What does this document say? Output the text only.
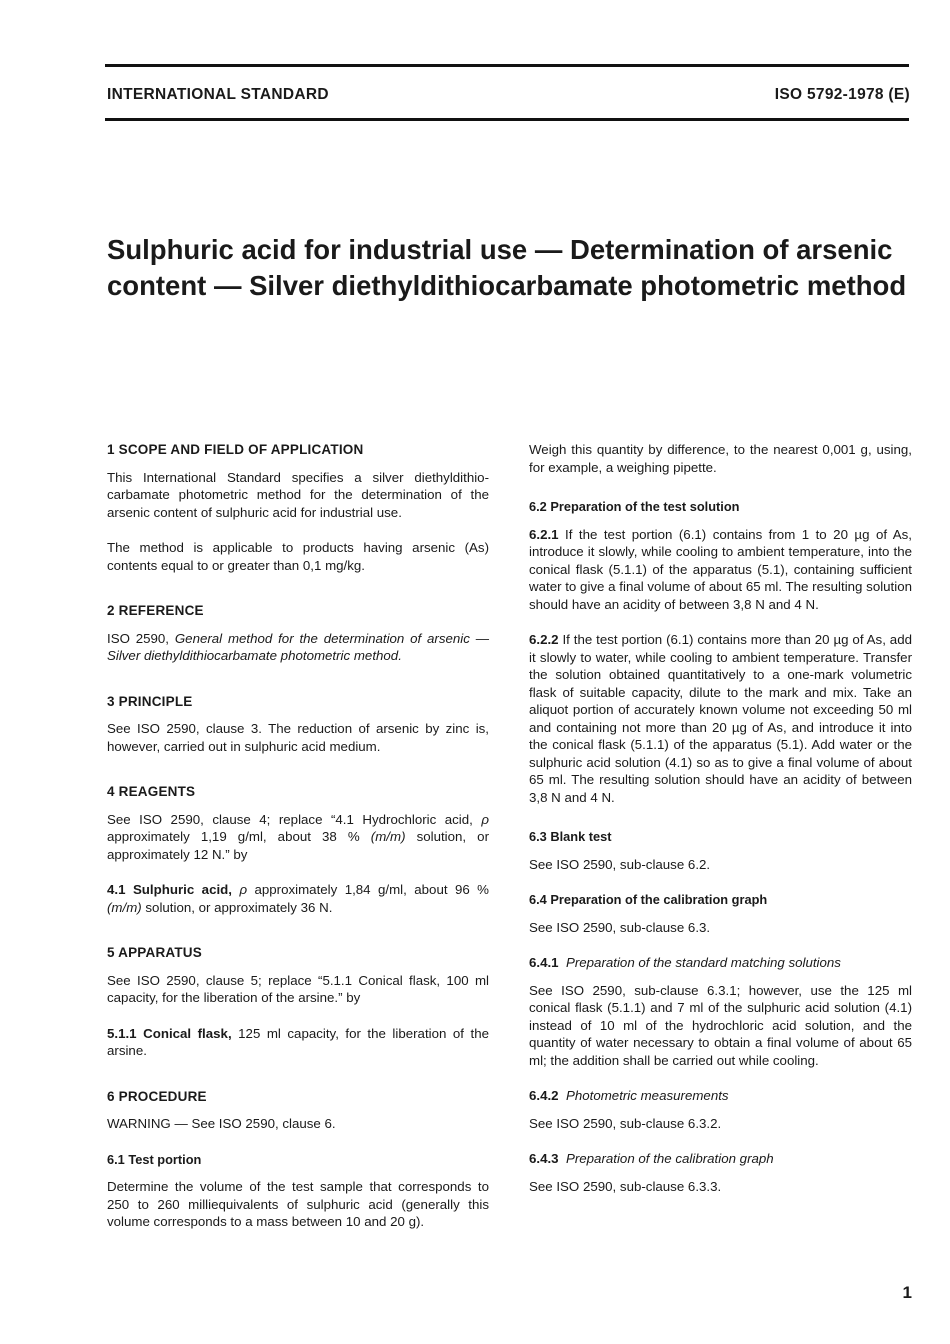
INTERNATIONAL STANDARD	ISO 5792-1978 (E)
Sulphuric acid for industrial use — Determination of arsenic
content — Silver diethyldithiocarbamate photometric method
1 SCOPE AND FIELD OF APPLICATION

This International Standard specifies a silver diethyldithio-carbamate photometric method for the determination of the arsenic content of sulphuric acid for industrial use.

The method is applicable to products having arsenic (As) contents equal to or greater than 0,1 mg/kg.

2 REFERENCE

ISO 2590, General method for the determination of arsenic — Silver diethyldithiocarbamate photometric method.

3 PRINCIPLE

See ISO 2590, clause 3. The reduction of arsenic by zinc is, however, carried out in sulphuric acid medium.

4 REAGENTS

See ISO 2590, clause 4; replace “4.1 Hydrochloric acid, ρ approximately 1,19 g/ml, about 38 % (m/m) solution, or approximately 12 N.” by

4.1 Sulphuric acid, ρ approximately 1,84 g/ml, about 96 % (m/m) solution, or approximately 36 N.

5 APPARATUS

See ISO 2590, clause 5; replace “5.1.1 Conical flask, 100 ml capacity, for the liberation of the arsine.” by

5.1.1 Conical flask, 125 ml capacity, for the liberation of the arsine.

6 PROCEDURE

WARNING — See ISO 2590, clause 6.

6.1 Test portion

Determine the volume of the test sample that corresponds to 250 to 260 milliequivalents of sulphuric acid (generally this volume corresponds to a mass between 10 and 20 g).

Weigh this quantity by difference, to the nearest 0,001 g, using, for example, a weighing pipette.

6.2 Preparation of the test solution

6.2.1 If the test portion (6.1) contains from 1 to 20 µg of As, introduce it slowly, while cooling to ambient temperature, into the conical flask (5.1.1) of the apparatus (5.1), containing sufficient water to give a final volume of about 65 ml. The resulting solution should have an acidity of between 3,8 N and 4 N.

6.2.2 If the test portion (6.1) contains more than 20 µg of As, add it slowly to water, while cooling to ambient temperature. Transfer the solution obtained quantitatively to a one-mark volumetric flask of suitable capacity, dilute to the mark and mix. Take an aliquot portion of accurately known volume not exceeding 50 ml and containing not more than 20 µg of As, and introduce it into the conical flask (5.1.1) of the apparatus (5.1). Add water or the sulphuric acid solution (4.1) so as to give a final volume of about 65 ml. The resulting solution should have an acidity of between 3,8 N and 4 N.

6.3 Blank test

See ISO 2590, sub-clause 6.2.

6.4 Preparation of the calibration graph

See ISO 2590, sub-clause 6.3.

6.4.1 Preparation of the standard matching solutions

See ISO 2590, sub-clause 6.3.1; however, use the 125 ml conical flask (5.1.1) and 7 ml of the sulphuric acid solution (4.1) instead of 10 ml of the hydrochloric acid solution, and the quantity of water necessary to obtain a final volume of about 65 ml; the addition shall be carried out while cooling.

6.4.2 Photometric measurements

See ISO 2590, sub-clause 6.3.2.

6.4.3 Preparation of the calibration graph

See ISO 2590, sub-clause 6.3.3.

1
